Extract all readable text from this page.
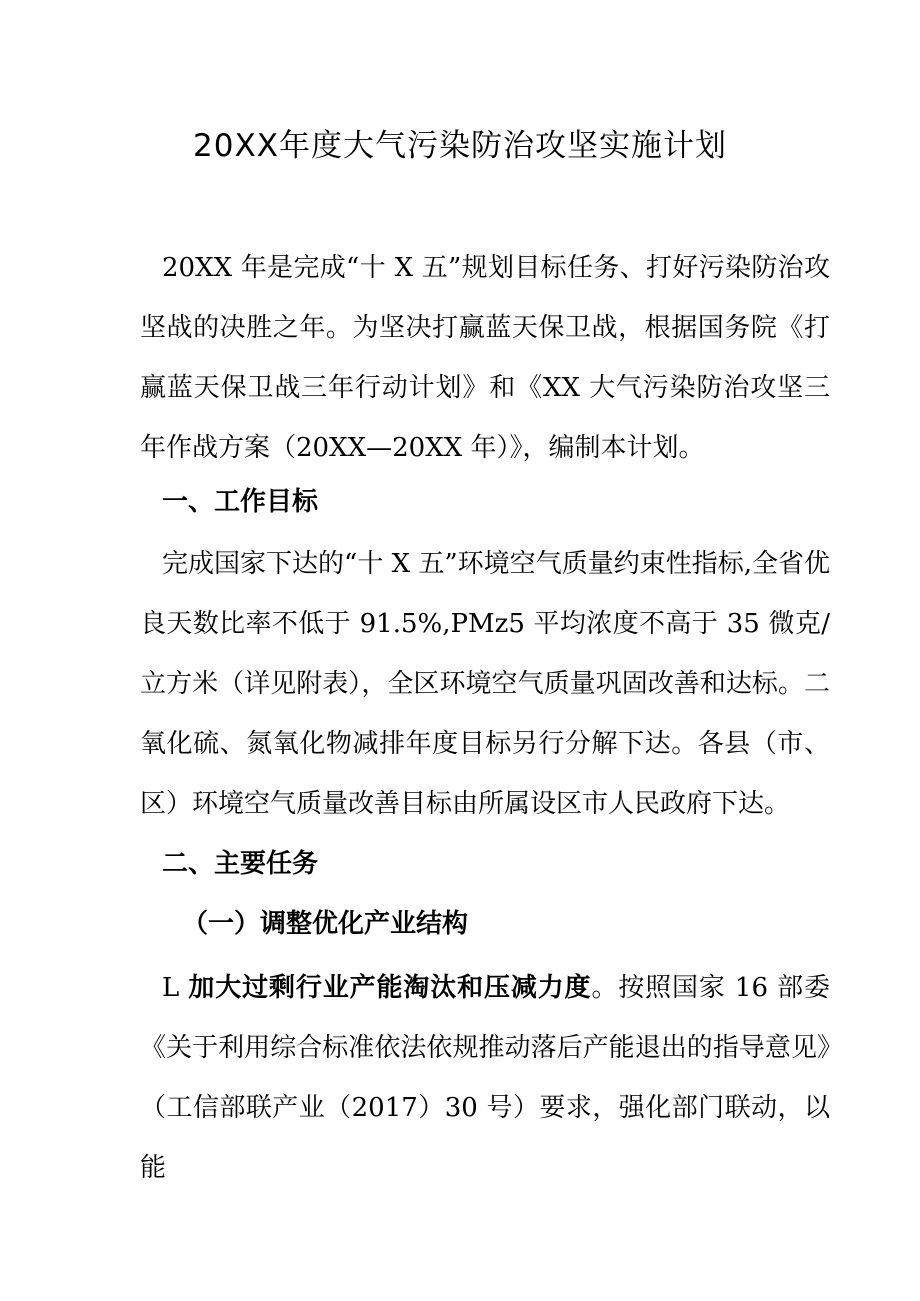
20XX年度大气污染防治攻坚实施计划

20XX 年是完成“十 X 五”规划目标任务、打好污染防治攻坚战的决胜之年。为坚决打赢蓝天保卫战，根据国务院《打赢蓝天保卫战三年行动计划》和《XX 大气污染防治攻坚三年作战方案（20XX—20XX 年）》，编制本计划。

一、工作目标

完成国家下达的“十 X 五”环境空气质量约束性指标,全省优良天数比率不低于 91.5%,PMz5 平均浓度不高于 35 微克/立方米（详见附表），全区环境空气质量巩固改善和达标。二氧化硫、氮氧化物减排年度目标另行分解下达。各县（市、区）环境空气质量改善目标由所属设区市人民政府下达。

二、主要任务
（一）调整优化产业结构

L 加大过剩行业产能淘汰和压减力度。按照国家 16 部委《关于利用综合标准依法依规推动落后产能退出的指导意见》（工信部联产业（2017）30 号）要求，强化部门联动，以能
